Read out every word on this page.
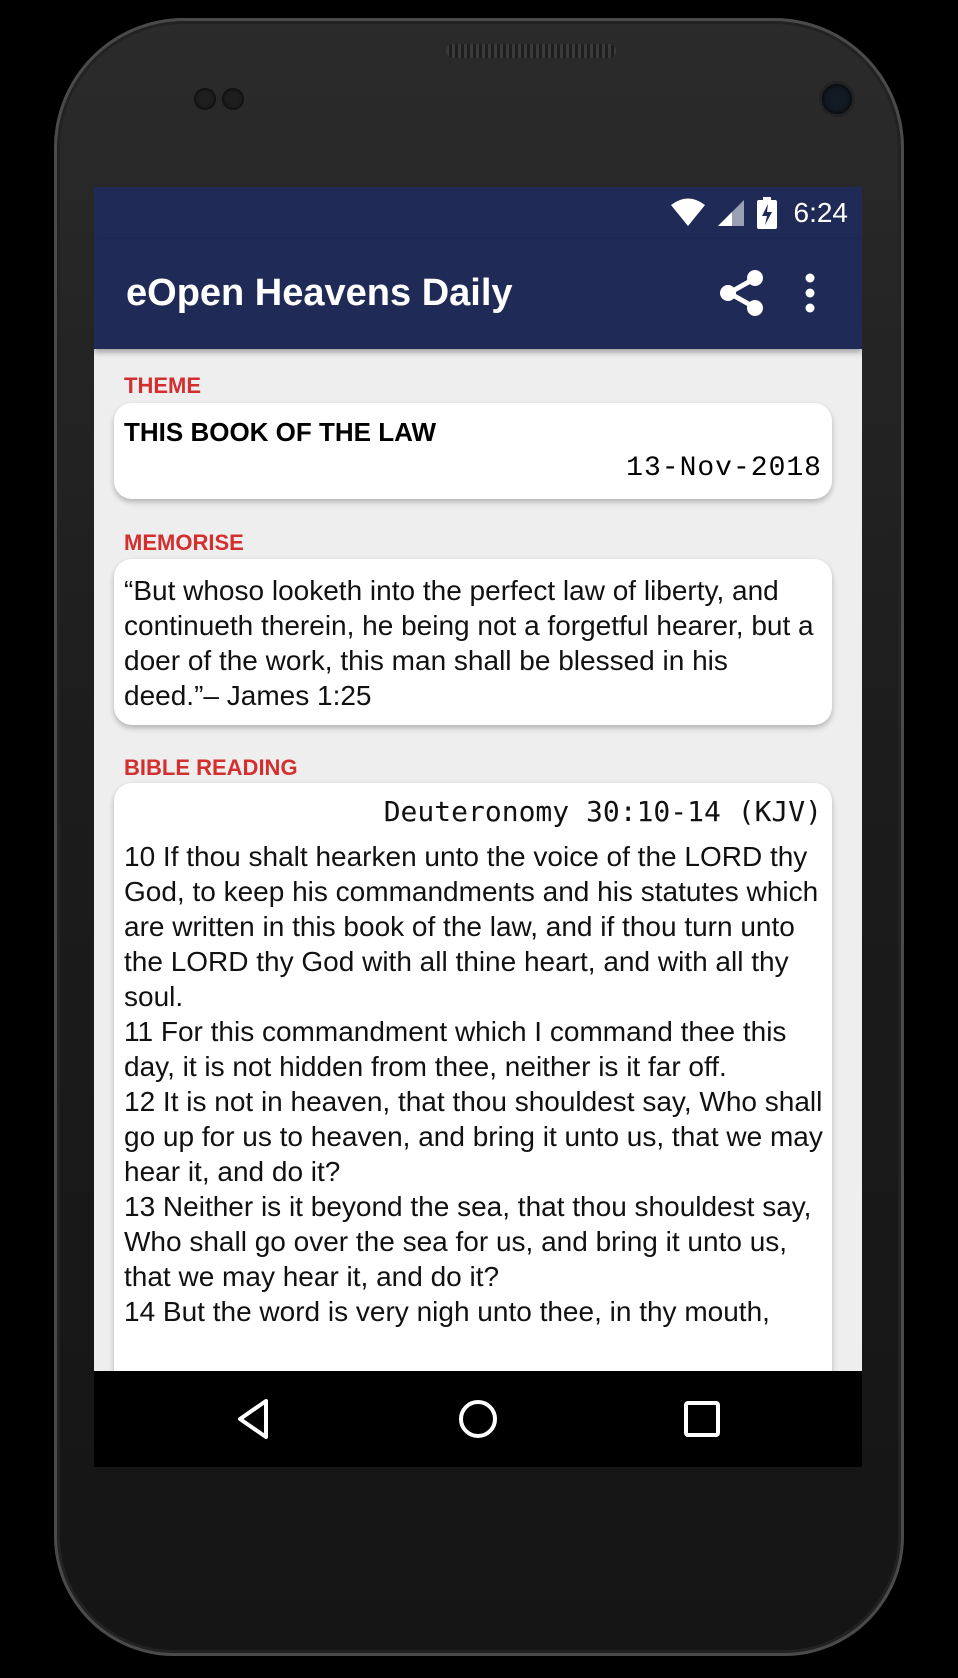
6:24
eOpen Heavens Daily
THEME
THIS BOOK OF THE LAW
13-Nov-2018
MEMORISE
“But whoso looketh into the perfect law of liberty, and continueth therein, he being not a forgetful hearer, but a doer of the work, this man shall be blessed in his deed.”– James 1:25
BIBLE READING
Deuteronomy 30:10-14 (KJV)

10 If thou shalt hearken unto the voice of the LORD thy God, to keep his commandments and his statutes which are written in this book of the law, and if thou turn unto the LORD thy God with all thine heart, and with all thy soul.

11 For this commandment which I command thee this day, it is not hidden from thee, neither is it far off.

12 It is not in heaven, that thou shouldest say, Who shall go up for us to heaven, and bring it unto us, that we may hear it, and do it?

13 Neither is it beyond the sea, that thou shouldest say, Who shall go over the sea for us, and bring it unto us, that we may hear it, and do it?

14 But the word is very nigh unto thee, in thy mouth,
